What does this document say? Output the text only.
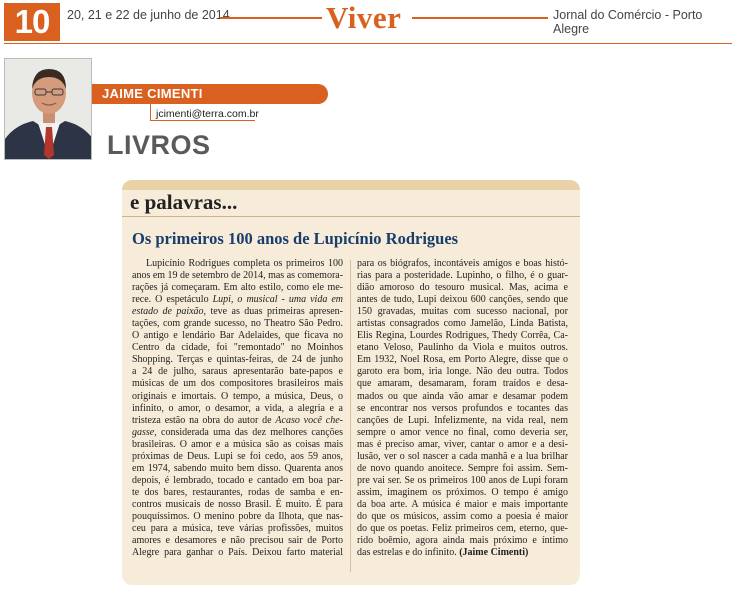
10	20, 21 e 22 de junho de 2014	Viver	Jornal do Comércio - Porto Alegre
JAIME CIMENTI
jcimenti@terra.com.br
LIVROS
e palavras...
Os primeiros 100 anos de Lupicínio Rodrigues
Lupicínio Rodrigues completa os primeiros 100
anos em 19 de setembro de 2014, mas as comemora-
rações já começaram. Em alto estilo, como ele me-
rece. O espetáculo Lupi, o musical - uma vida em
estado de paixão, teve as duas primeiras apresen-
tações, com grande sucesso, no Theatro São Pedro.
O antigo e lendário Bar Adelaides, que ficava no
Centro da cidade, foi "remontado" no Moinhos
Shopping. Terças e quintas-feiras, de 24 de junho
a 24 de julho, saraus apresentarão bate-papos e
músicas de um dos compositores brasileiros mais
originais e imortais. O tempo, a música, Deus, o
infinito, o amor, o desamor, a vida, a alegria e a
tristeza estão na obra do autor de Acaso você che-
gasse, considerada uma das dez melhores canções
brasileiras. O amor e a música são as coisas mais
próximas de Deus. Lupi se foi cedo, aos 59 anos,
em 1974, sabendo muito bem disso. Quarenta anos
depois, é lembrado, tocado e cantado em boa par-
te dos bares, restaurantes, rodas de samba e en-
contros musicais de nosso Brasil. É muito. É para
pouquíssimos. O menino pobre da Ilhota, que nas-
ceu para a música, teve várias profissões, muitos
amores e desamores e não precisou sair de Porto
Alegre para ganhar o País. Deixou farto material
para os biógrafos, incontáveis amigos e boas histó-
rias para a posteridade. Lupinho, o filho, é o guar-
dião amoroso do tesouro musical. Mas, acima e
antes de tudo, Lupi deixou 600 canções, sendo que
150 gravadas, muitas com sucesso nacional, por
artistas consagrados como Jamelão, Linda Batista,
Elis Regina, Lourdes Rodrigues, Thedy Corrêa, Ca-
etano Veloso, Paulinho da Viola e muitos outros.
Em 1932, Noel Rosa, em Porto Alegre, disse que o
garoto era bom, iria longe. Não deu outra. Todos
que amaram, desamaram, foram traídos e desa-
mados ou que ainda vão amar e desamar podem
se encontrar nos versos profundos e tocantes das
canções de Lupi. Infelizmente, na vida real, nem
sempre o amor vence no final, como deveria ser,
mas é preciso amar, viver, cantar o amor e a desi-
lusão, ver o sol nascer a cada manhã e a lua brilhar
de novo quando anoitece. Sempre foi assim. Sem-
pre vai ser. Se os primeiros 100 anos de Lupi foram
assim, imaginem os próximos. O tempo é amigo
da boa arte. A música é maior e mais importante
do que os músicos, assim como a poesia é maior
do que os poetas. Feliz primeiros cem, eterno, que-
rido boêmio, agora ainda mais próximo e íntimo
das estrelas e do infinito. (Jaime Cimenti)
